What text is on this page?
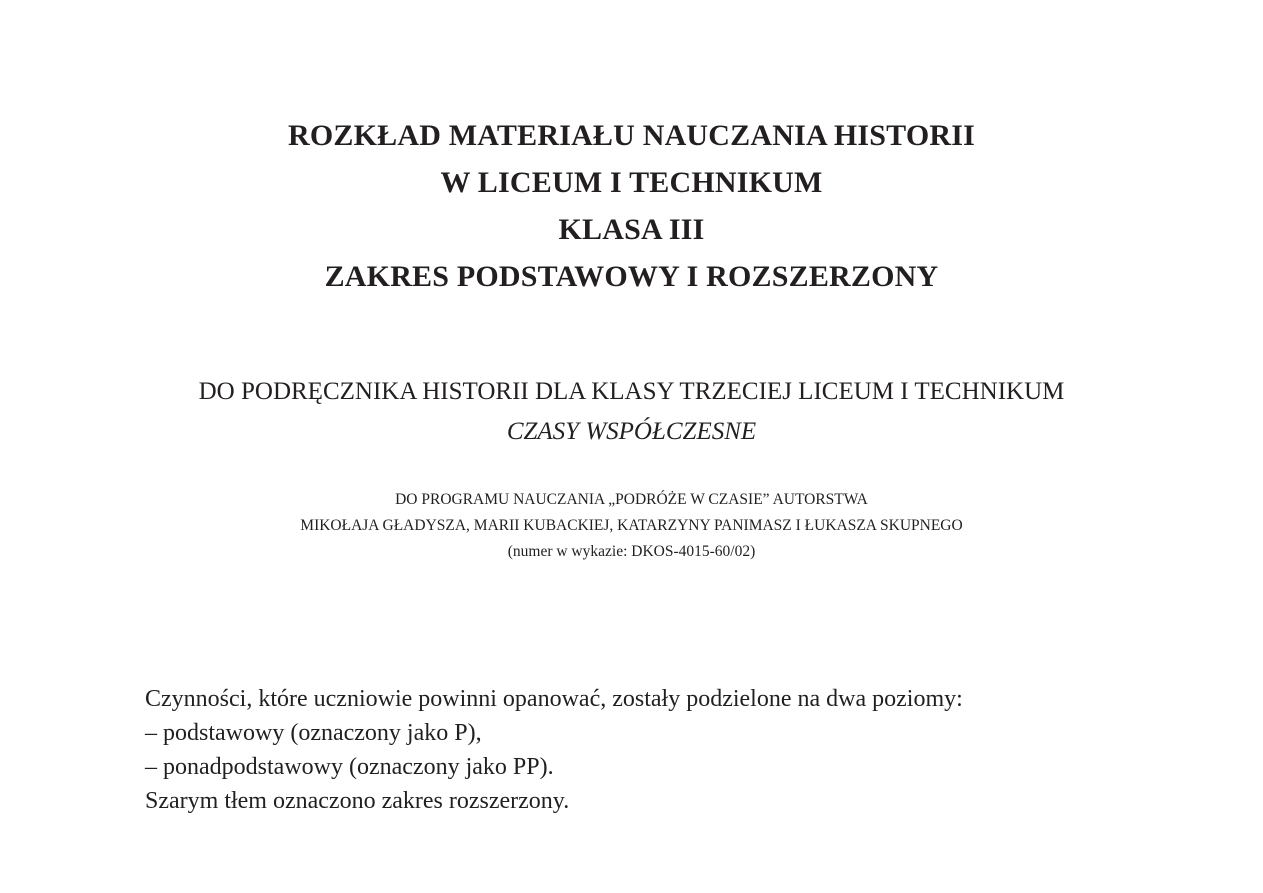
ROZKŁAD MATERIAŁU NAUCZANIA HISTORII
W LICEUM I TECHNIKUM
KLASA III
ZAKRES PODSTAWOWY I ROZSZERZONY
DO PODRĘCZNIKA HISTORII DLA KLASY TRZECIEJ LICEUM I TECHNIKUM
CZASY WSPÓŁCZESNE
DO PROGRAMU NAUCZANIA „PODRÓŻE W CZASIE” AUTORSTWA
MIKOŁAJA GŁADYSZA, MARII KUBACKIEJ, KATARZYNY PANIMASZ I ŁUKASZA SKUPNEGO
(numer w wykazie: DKOS-4015-60/02)
Czynności, które uczniowie powinni opanować, zostały podzielone na dwa poziomy:
– podstawowy (oznaczony jako P),
– ponadpodstawowy (oznaczony jako PP).
Szarym tłem oznaczono zakres rozszerzony.
